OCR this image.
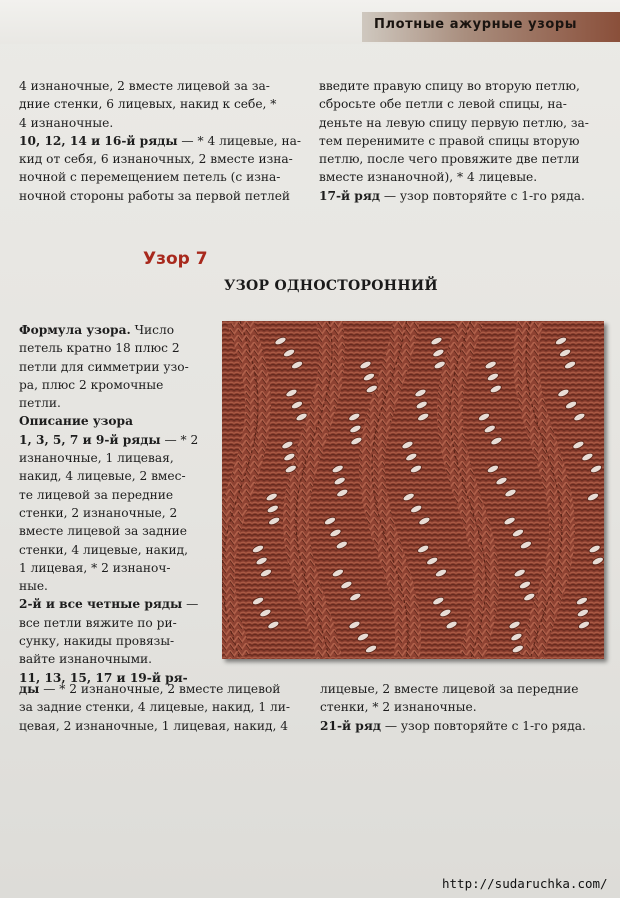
Плотные ажурные узоры

4 изнаночные, 2 вместе лицевой за за-

дние стенки, 6 лицевых, накид к себе, *

4 изнаночные.

10, 12, 14 и 16-й ряды — * 4 лицевые, на-

кид от себя, 6 изнаночных, 2 вместе изна-

ночной с перемещением петель (с изна-

ночной стороны работы за первой петлей

введите правую спицу во вторую петлю,

сбросьте обе петли с левой спицы, на-

деньте на левую спицу первую петлю, за-

тем перенимите с правой спицы вторую

петлю, после чего провяжите две петли

вместе изнаночной), * 4 лицевые.

17-й ряд — узор повторяйте с 1-го ряда.

Узор 7
УЗОР ОДНОСТОРОННИЙ

Формула узора. Число

петель кратно 18 плюс 2

петли для симметрии узо-

ра, плюс 2 кромочные

петли.

Описание узора

1, 3, 5, 7 и 9-й ряды — * 2

изнаночные, 1 лицевая,

накид, 4 лицевые, 2 вмес-

те лицевой за передние

стенки, 2 изнаночные, 2

вместе лицевой за задние

стенки, 4 лицевые, накид,

1 лицевая, * 2 изнаноч-

ные.

2-й и все четные ряды —

все петли вяжите по ри-

сунку, накиды провязы-

вайте изнаночными.

11, 13, 15, 17 и 19-й ря-

ды — * 2 изнаночные, 2 вместе лицевой

за задние стенки, 4 лицевые, накид, 1 ли-

цевая, 2 изнаночные, 1 лицевая, накид, 4

лицевые, 2 вместе лицевой за передние

стенки, * 2 изнаночные.

21-й ряд — узор повторяйте с 1-го ряда.

http://sudaruchka.com/
